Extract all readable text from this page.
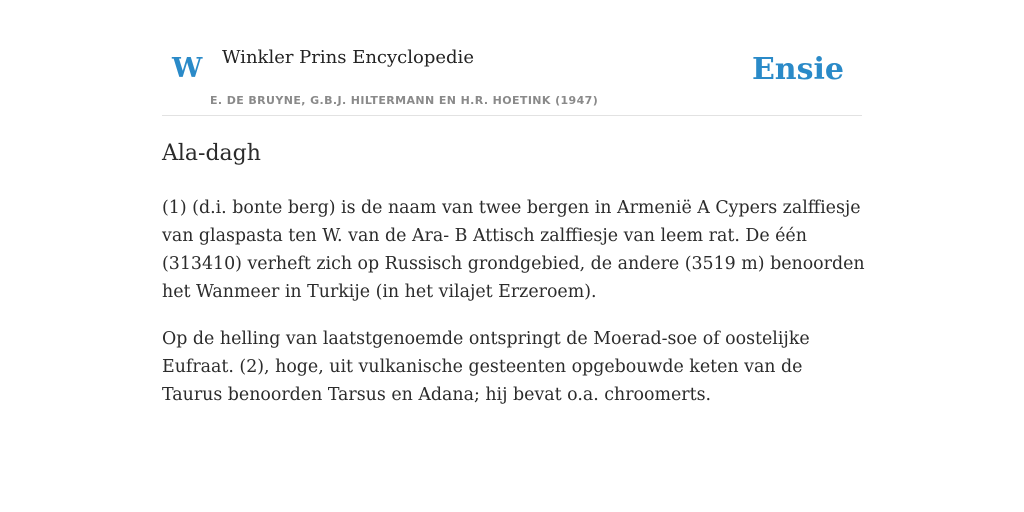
W Winkler Prins Encyclopedie
E. DE BRUYNE, G.B.J. HILTERMANN EN H.R. HOETINK (1947)
Ensie
Ala-dagh

(1) (d.i. bonte berg) is de naam van twee bergen in Armenië A Cypers zalffiesje van glaspasta ten W. van de Ara- B Attisch zalffiesje van leem rat. De één (313410) verheft zich op Russisch grondgebied, de andere (3519 m) benoorden het Wanmeer in Turkije (in het vilajet Erzeroem).

Op de helling van laatstgenoemde ontspringt de Moerad-soe of oostelijke Eufraat. (2), hoge, uit vulkanische gesteenten opgebouwde keten van de Taurus benoorden Tarsus en Adana; hij bevat o.a. chroomerts.
